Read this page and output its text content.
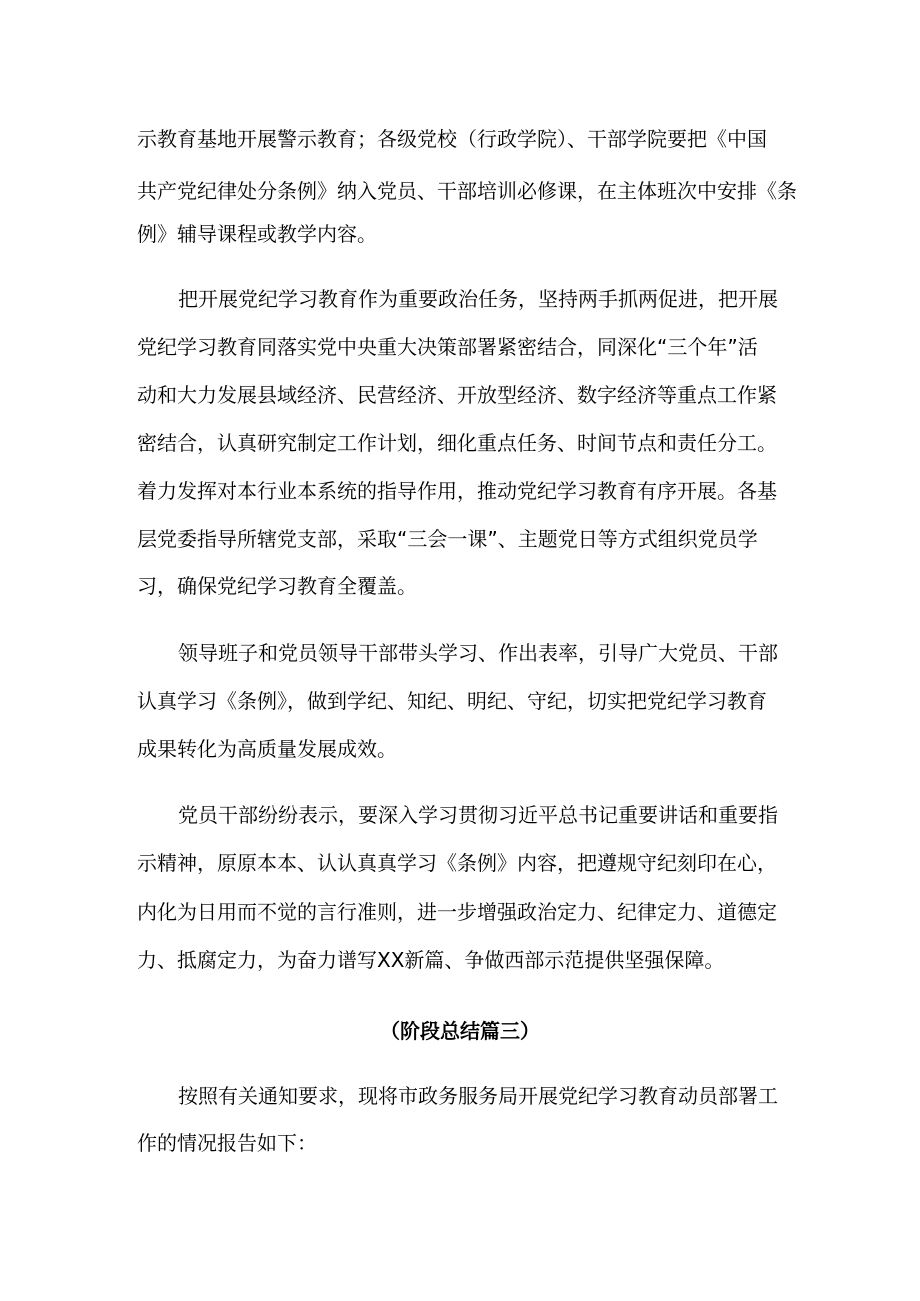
示教育基地开展警示教育；各级党校（行政学院）、干部学院要把《中国
共产党纪律处分条例》纳入党员、干部培训必修课，在主体班次中安排《条
例》辅导课程或教学内容。
把开展党纪学习教育作为重要政治任务，坚持两手抓两促进，把开展
党纪学习教育同落实党中央重大决策部署紧密结合，同深化“三个年”活
动和大力发展县域经济、民营经济、开放型经济、数字经济等重点工作紧
密结合，认真研究制定工作计划，细化重点任务、时间节点和责任分工。
着力发挥对本行业本系统的指导作用，推动党纪学习教育有序开展。各基
层党委指导所辖党支部，采取“三会一课”、主题党日等方式组织党员学
习，确保党纪学习教育全覆盖。
领导班子和党员领导干部带头学习、作出表率，引导广大党员、干部
认真学习《条例》，做到学纪、知纪、明纪、守纪，切实把党纪学习教育
成果转化为高质量发展成效。
党员干部纷纷表示，要深入学习贯彻习近平总书记重要讲话和重要指
示精神，原原本本、认认真真学习《条例》内容，把遵规守纪刻印在心，
内化为日用而不觉的言行准则，进一步增强政治定力、纪律定力、道德定
力、抵腐定力，为奋力谱写XX新篇、争做西部示范提供坚强保障。
（阶段总结篇三）
按照有关通知要求，现将市政务服务局开展党纪学习教育动员部署工
作的情况报告如下：
